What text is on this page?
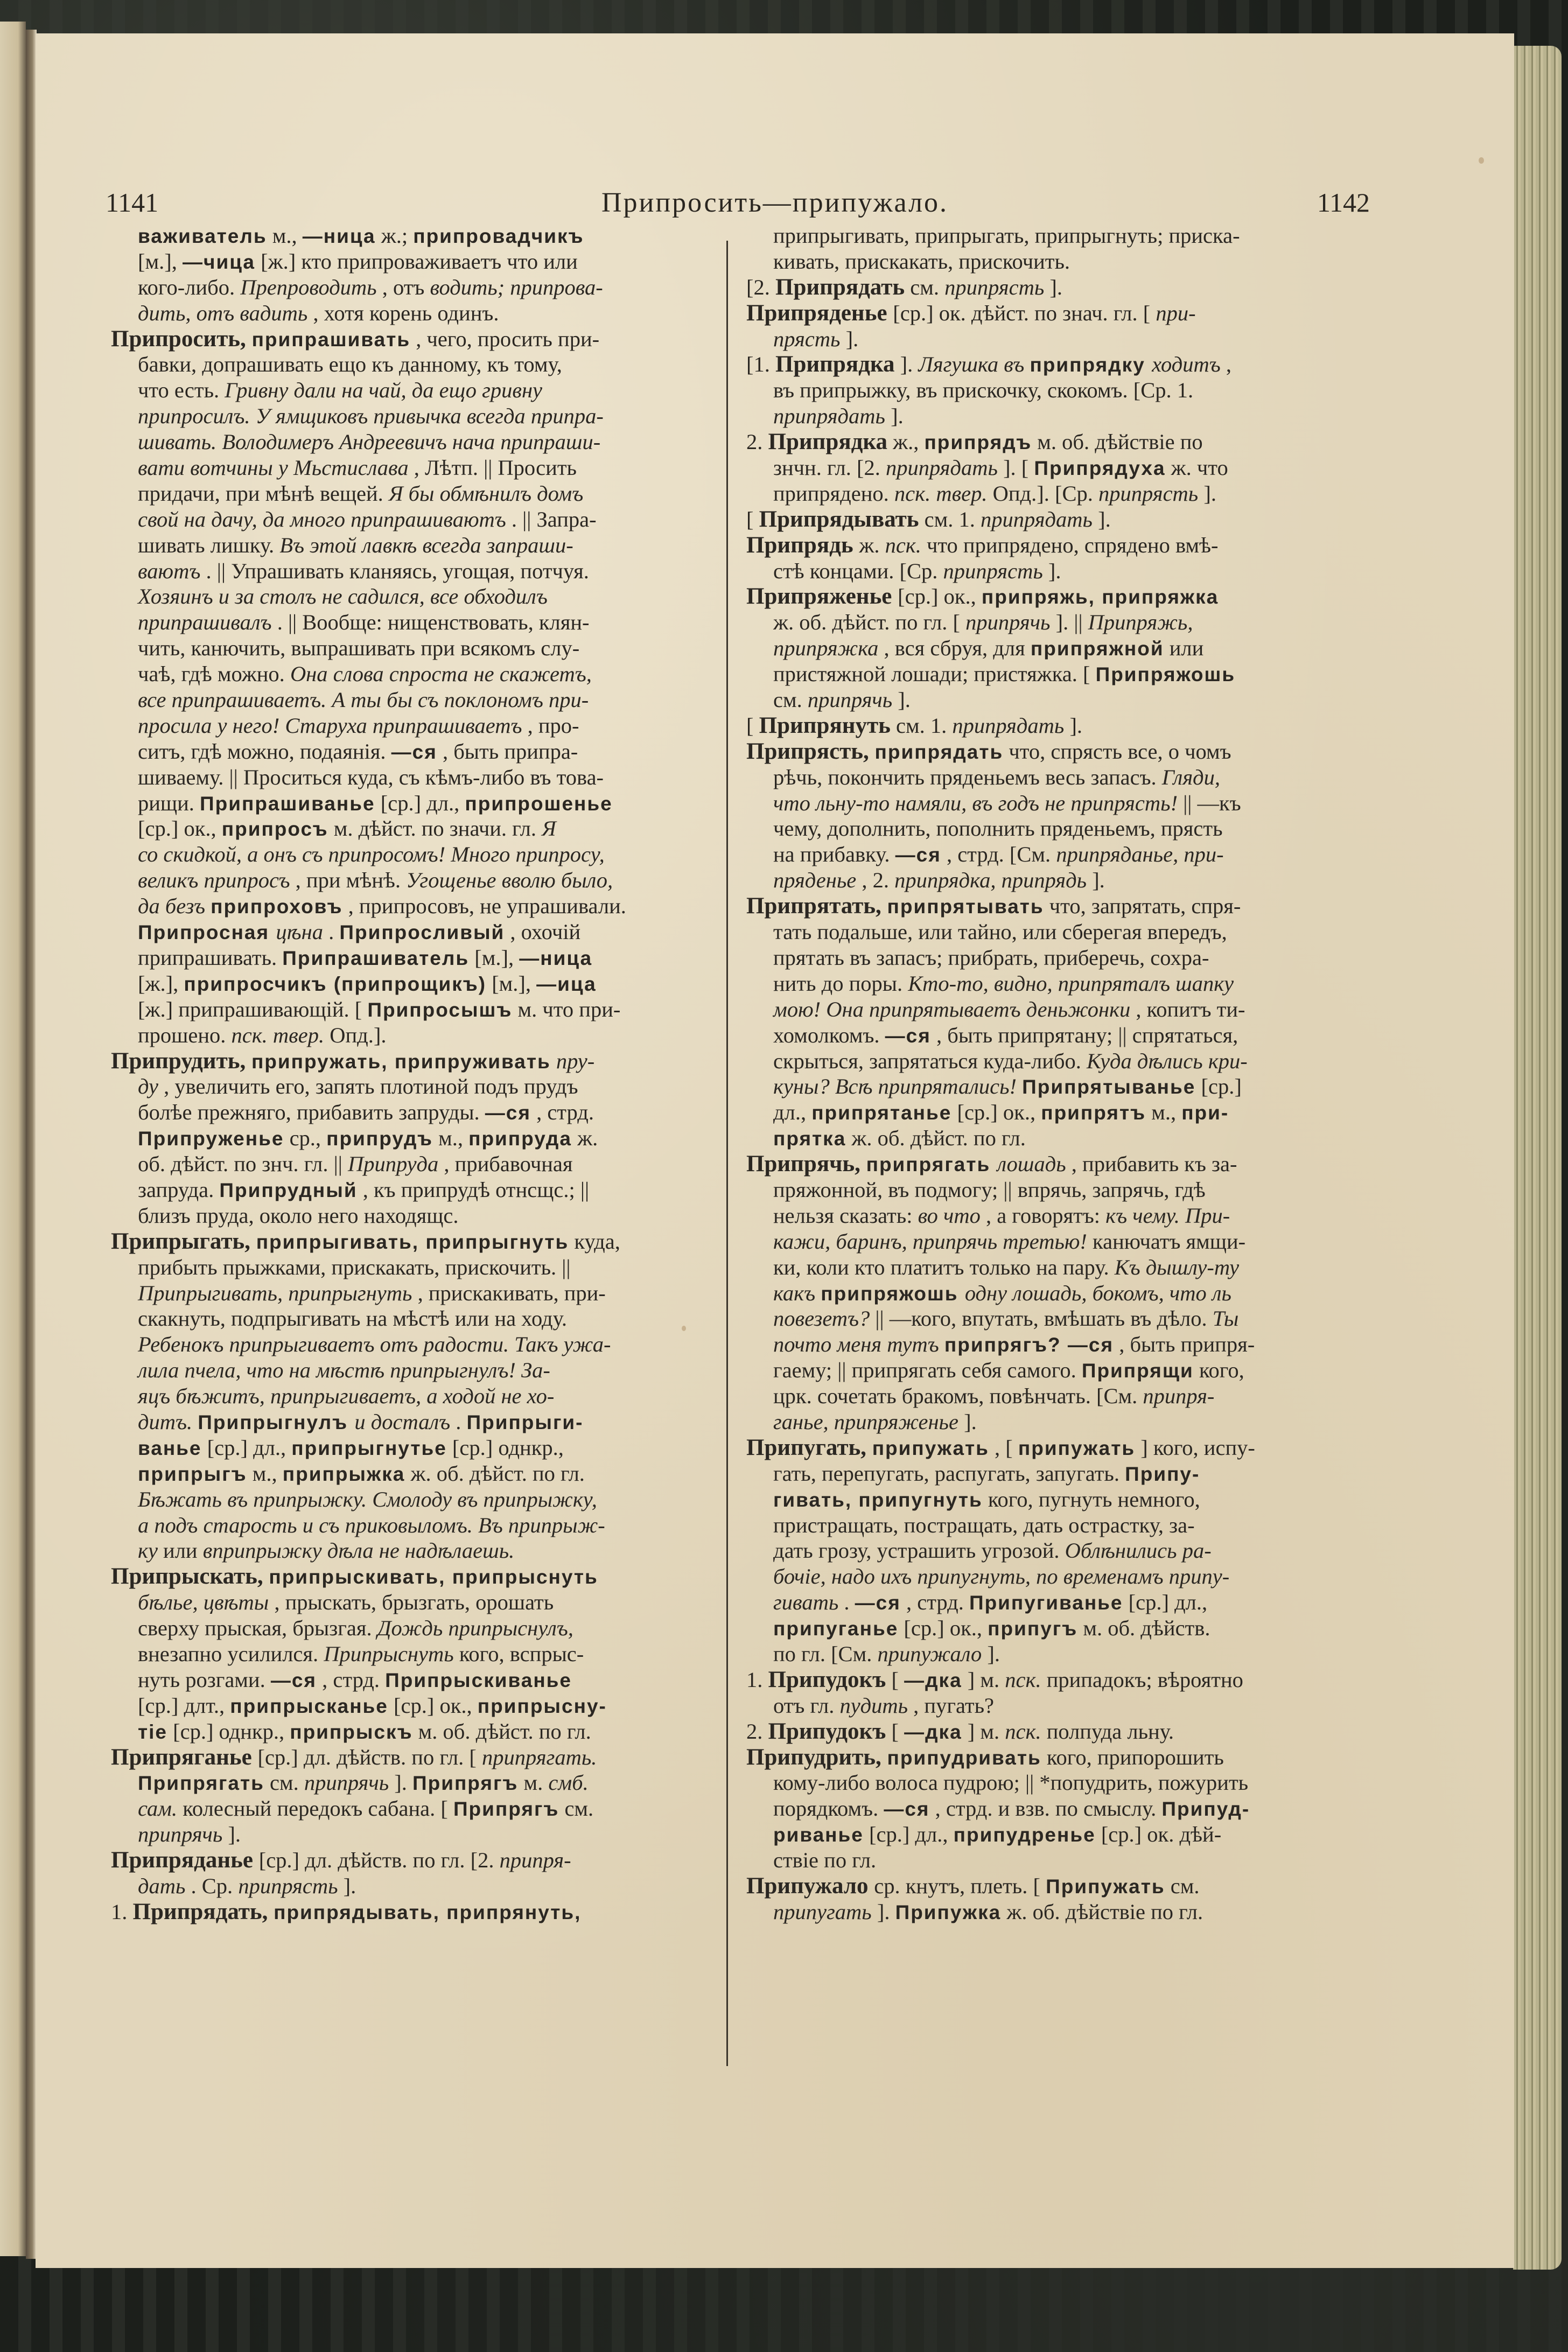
1141	Припросить—припужало.	1142
важиватель м., —ница ж.; припровадчикъ
[м.], —чица [ж.] кто припроваживаетъ что или
кого-либо. Препроводить , отъ водить; припрова-
дить, отъ вадить , хотя корень одинъ.
Припросить, припрашивать , чего, просить при-
бавки, допрашивать ещо къ данному, къ тому,
что есть. Гривну дали на чай, да ещо гривну
припросилъ. У ямщиковъ привычка всегда припра-
шивать. Володимеръ Андреевичъ нача припраши-
вати вотчины у Мьстислава , Лѣтп. || Просить
придачи, при мѣнѣ вещей. Я бы обмѣнилъ домъ
свой на дачу, да много припрашиваютъ . || Запра-
шивать лишку. Въ этой лавкѣ всегда запраши-
ваютъ . || Упрашивать кланяясь, угощая, потчуя.
Хозяинъ и за столъ не садился, все обходилъ
припрашивалъ . || Вообще: нищенствовать, клян-
чить, канючить, выпрашивать при всякомъ слу-
чаѣ, гдѣ можно. Она слова спроста не скажетъ,
все припрашиваетъ. А ты бы съ поклономъ при-
просила у него! Старуха припрашиваетъ , про-
ситъ, гдѣ можно, подаянія. —ся , быть припра-
шиваему. || Проситься куда, съ кѣмъ-либо въ това-
рищи. Припрашиванье [ср.] дл., припрошенье
[ср.] ок., припросъ м. дѣйст. по значи. гл. Я
со скидкой, а онъ съ припросомъ! Много припросу,
великъ припросъ , при мѣнѣ. Угощенье вволю было,
да безъ припроховъ , припросовъ, не упрашивали.
Припросная цѣна . Припросливый , охочій
припрашивать. Припрашиватель [м.], —ница
[ж.], припросчикъ (припрощикъ) [м.], —ица
[ж.] припрашивающій. [ Припросышъ м. что при-
прошено. пск. твер. Опд.].
Припрудить, припружать, припруживать пру-
ду , увеличить его, запять плотиной подъ прудъ
болѣе прежняго, прибавить запруды. —ся , стрд.
Припруженье ср., припрудъ м., припруда ж.
об. дѣйст. по знч. гл. || Припруда , прибавочная
запруда. Припрудный , къ припрудѣ отнсщс.; ||
близъ пруда, около него находящс.
Припрыгать, припрыгивать, припрыгнуть куда,
прибыть прыжками, прискакать, прискочить. ||
Припрыгивать, припрыгнуть , прискакивать, при-
скакнуть, подпрыгивать на мѣстѣ или на ходу.
Ребенокъ припрыгиваетъ отъ радости. Такъ ужа-
лила пчела, что на мѣстѣ припрыгнулъ! За-
яцъ бѣжитъ, припрыгиваетъ, а ходой не хо-
дитъ. Припрыгнулъ и досталъ . Припрыги-
ванье [ср.] дл., припрыгнутье [ср.] однкр.,
припрыгъ м., припрыжка ж. об. дѣйст. по гл.
Бѣжать въ припрыжку. Смолоду въ припрыжку,
а подъ старость и съ приковыломъ. Въ припрыж-
ку или вприпрыжку дѣла не надѣлаешь.
Припрыскать, припрыскивать, припрыснуть
бѣлье, цвѣты , прыскать, брызгать, орошать
сверху прыская, брызгая. Дождь припрыснулъ,
внезапно усилился. Припрыснуть кого, вспрыс-
нуть розгами. —ся , стрд. Припрыскиванье
[ср.] длт., припрысканье [ср.] ок., припрыснy-
тіе [ср.] однкр., припрыскъ м. об. дѣйст. по гл.
Припряганье [ср.] дл. дѣйств. по гл. [ припрягать.
Припрягать см. припрячь ]. Припрягъ м. смб.
сам. колесный передокъ сабана. [ Припрягъ см.
припрячь ].
Припряданье [ср.] дл. дѣйств. по гл. [2. припря-
дать . Ср. припрясть ].
1. Припрядать, припрядывать, припрянуть,
припрыгивать, припрыгать, припрыгнуть; приска-
кивать, прискакать, прискочить.
[2. Припрядать см. припрясть ].
Припряденье [ср.] ок. дѣйст. по знач. гл. [ при-
прясть ].
[1. Припрядка ]. Лягушка въ припрядку ходитъ ,
въ припрыжку, въ прискочку, скокомъ. [Ср. 1.
припрядать ].
2. Припрядка ж., припрядъ м. об. дѣйствіе по
знчн. гл. [2. припрядать ]. [ Припрядуха ж. что
припрядено. пск. твер. Опд.]. [Ср. припрясть ].
[ Припрядывать см. 1. припрядать ].
Припрядь ж. пск. что припрядено, спрядено вмѣ-
стѣ концами. [Ср. припрясть ].
Припряженье [ср.] ок., припряжь, припряжка
ж. об. дѣйст. по гл. [ припрячь ]. || Припряжь,
припряжка , вся сбруя, для припряжной или
пристяжной лошади; пристяжка. [ Припряжошь
см. припрячь ].
[ Припрянуть см. 1. припрядать ].
Припрясть, припрядать что, спрясть все, о чомъ
рѣчь, покончить пряденьемъ весь запасъ. Гляди,
что льну-то намяли, въ годъ не припрясть! || —къ
чему, дополнить, пополнить пряденьемъ, прясть
на прибавку. —ся , стрд. [См. припряданье, при-
пряденье , 2. припрядка, припрядь ].
Припрятать, припрятывать что, запрятать, спря-
тать подальше, или тайно, или сберегая впередъ,
прятать въ запасъ; прибрать, приберечь, сохра-
нить до поры. Кто-то, видно, припряталъ шапку
мою! Она припрятываетъ деньжонки , копитъ ти-
хомолкомъ. —ся , быть припрятану; || спрятаться,
скрыться, запрятаться куда-либо. Куда дѣлись кри-
куны? Всѣ припрятались! Припрятыванье [ср.]
дл., припрятанье [ср.] ок., припрятъ м., при-
прятка ж. об. дѣйст. по гл.
Припрячь, припрягать лошадь , прибавить къ за-
пряжонной, въ подмогу; || впрячь, запрячь, гдѣ
нельзя сказать: во что , а говорятъ: къ чему. При-
кажи, баринъ, припрячь третью! канючатъ ямщи-
ки, коли кто платитъ только на пару. Къ дышлу-ту
какъ припряжошь одну лошадь, бокомъ, что ль
повезетъ? || —кого, впутать, вмѣшать въ дѣло. Ты
почто меня тутъ припрягъ? —ся , быть припря-
гаему; || припрягать себя самого. Припрящи кого,
црк. сочетать бракомъ, повѣнчать. [См. припря-
ганье, припряженье ].
Припугать, припужать , [ припужать ] кого, испу-
гать, перепугать, распугать, запугать. Припу-
гивать, припугнуть кого, пугнуть немного,
пристращать, постращать, дать острастку, за-
дать грозу, устрашить угрозой. Облѣнились ра-
бочіе, надо ихъ припугнуть, по временамъ припу-
гивать . —ся , стрд. Припугиванье [ср.] дл.,
припуганье [ср.] ок., припугъ м. об. дѣйств.
по гл. [См. припужало ].
1. Припудокъ [ —дка ] м. пск. припадокъ; вѣроятно
отъ гл. пудить , пугать?
2. Припудокъ [ —дка ] м. пск. полпуда льну.
Припудрить, припудривать кого, припорошить
кому-либо волоса пудрою; || *попудрить, пожурить
порядкомъ. —ся , стрд. и взв. по смыслу. Припуд-
риванье [ср.] дл., припудренье [ср.] ок. дѣй-
ствіе по гл.
Припужало ср. кнутъ, плеть. [ Припужать см.
припугать ]. Припужка ж. об. дѣйствіе по гл.
